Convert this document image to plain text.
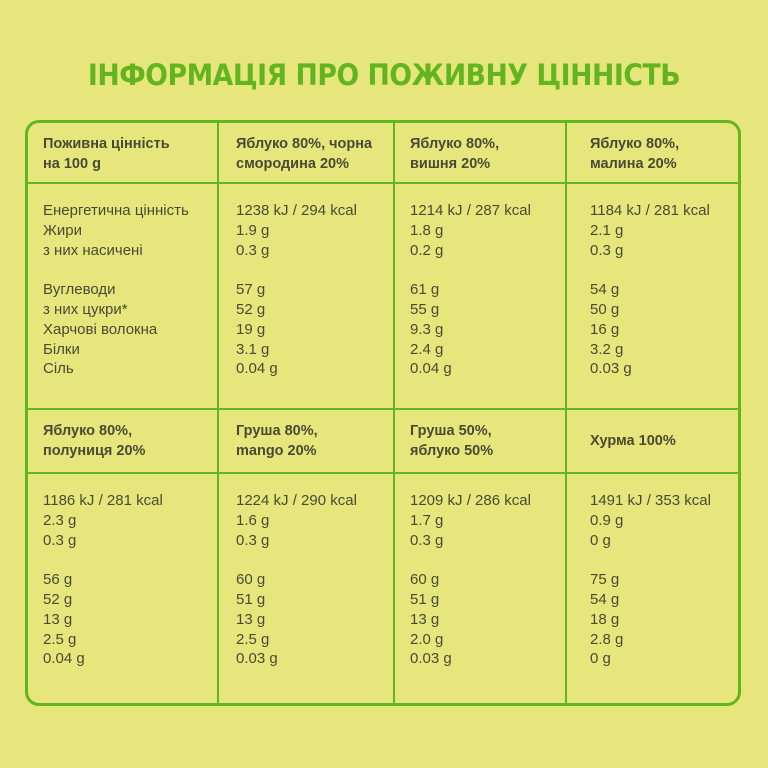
ІНФОРМАЦІЯ ПРО ПОЖИВНУ ЦІННІСТЬ
Поживна цінність
на 100 g
Яблуко 80%, чорна
смородина 20%
Яблуко 80%,
вишня 20%
Яблуко 80%,
малина 20%
Енергетична цінність
Жири
з них насичені
Вуглеводи
з них цукри*
Харчові волокна
Білки
Сіль
1238 kJ / 294 kcal
1.9 g
0.3 g
57 g
52 g
19 g
3.1 g
0.04 g
1214 kJ / 287 kcal
1.8 g
0.2 g
61 g
55 g
9.3 g
2.4 g
0.04 g
1184 kJ / 281 kcal
2.1 g
0.3 g
54 g
50 g
16 g
3.2 g
0.03 g
Яблуко 80%,
полуниця 20%
Груша 80%,
mango 20%
Груша 50%,
яблуко 50%
Хурма 100%
1186 kJ / 281 kcal
2.3 g
0.3 g
56 g
52 g
13 g
2.5 g
0.04 g
1224 kJ / 290 kcal
1.6 g
0.3 g
60 g
51 g
13 g
2.5 g
0.03 g
1209 kJ / 286 kcal
1.7 g
0.3 g
60 g
51 g
13 g
2.0 g
0.03 g
1491 kJ / 353 kcal
0.9 g
0 g
75 g
54 g
18 g
2.8 g
0 g
